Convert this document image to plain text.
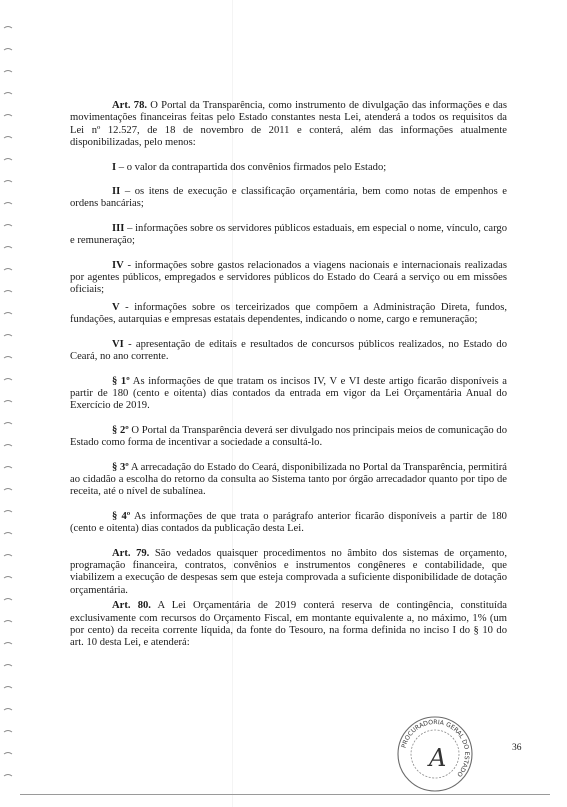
Art. 78. O Portal da Transparência, como instrumento de divulgação das informações e das movimentações financeiras feitas pelo Estado constantes nesta Lei, atenderá a todos os requisitos da Lei nº 12.527, de 18 de novembro de 2011 e conterá, além das informações atualmente disponibilizadas, pelo menos:

I – o valor da contrapartida dos convênios firmados pelo Estado;

II – os itens de execução e classificação orçamentária, bem como notas de empenhos e ordens bancárias;

III – informações sobre os servidores públicos estaduais, em especial o nome, vínculo, cargo e remuneração;

IV - informações sobre gastos relacionados a viagens nacionais e internacionais realizadas por agentes públicos, empregados e servidores públicos do Estado do Ceará a serviço ou em missões oficiais;

V - informações sobre os terceirizados que compõem a Administração Direta, fundos, fundações, autarquias e empresas estatais dependentes, indicando o nome, cargo e remuneração;

VI - apresentação de editais e resultados de concursos públicos realizados, no Estado do Ceará, no ano corrente.

§ 1º As informações de que tratam os incisos IV, V e VI deste artigo ficarão disponíveis a partir de 180 (cento e oitenta) dias contados da entrada em vigor da Lei Orçamentária Anual do Exercício de 2019.

§ 2º O Portal da Transparência deverá ser divulgado nos principais meios de comunicação do Estado como forma de incentivar a sociedade a consultá-lo.

§ 3º A arrecadação do Estado do Ceará, disponibilizada no Portal da Transparência, permitirá ao cidadão a escolha do retorno da consulta ao Sistema tanto por órgão arrecadador quanto por tipo de receita, até o nível de subalínea.

§ 4º As informações de que trata o parágrafo anterior ficarão disponíveis a partir de 180 (cento e oitenta) dias contados da publicação desta Lei.

Art. 79. São vedados quaisquer procedimentos no âmbito dos sistemas de orçamento, programação financeira, contratos, convênios e instrumentos congêneres e contabilidade, que viabilizem a execução de despesas sem que esteja comprovada a suficiente disponibilidade de dotação orçamentária.

Art. 80. A Lei Orçamentária de 2019 conterá reserva de contingência, constituída exclusivamente com recursos do Orçamento Fiscal, em montante equivalente a, no máximo, 1% (um por cento) da receita corrente líquida, da fonte do Tesouro, na forma definida no inciso I do § 10 do art. 10 desta Lei, e atenderá:

PROCURADORIA GERAL DO ESTADO
A	36
